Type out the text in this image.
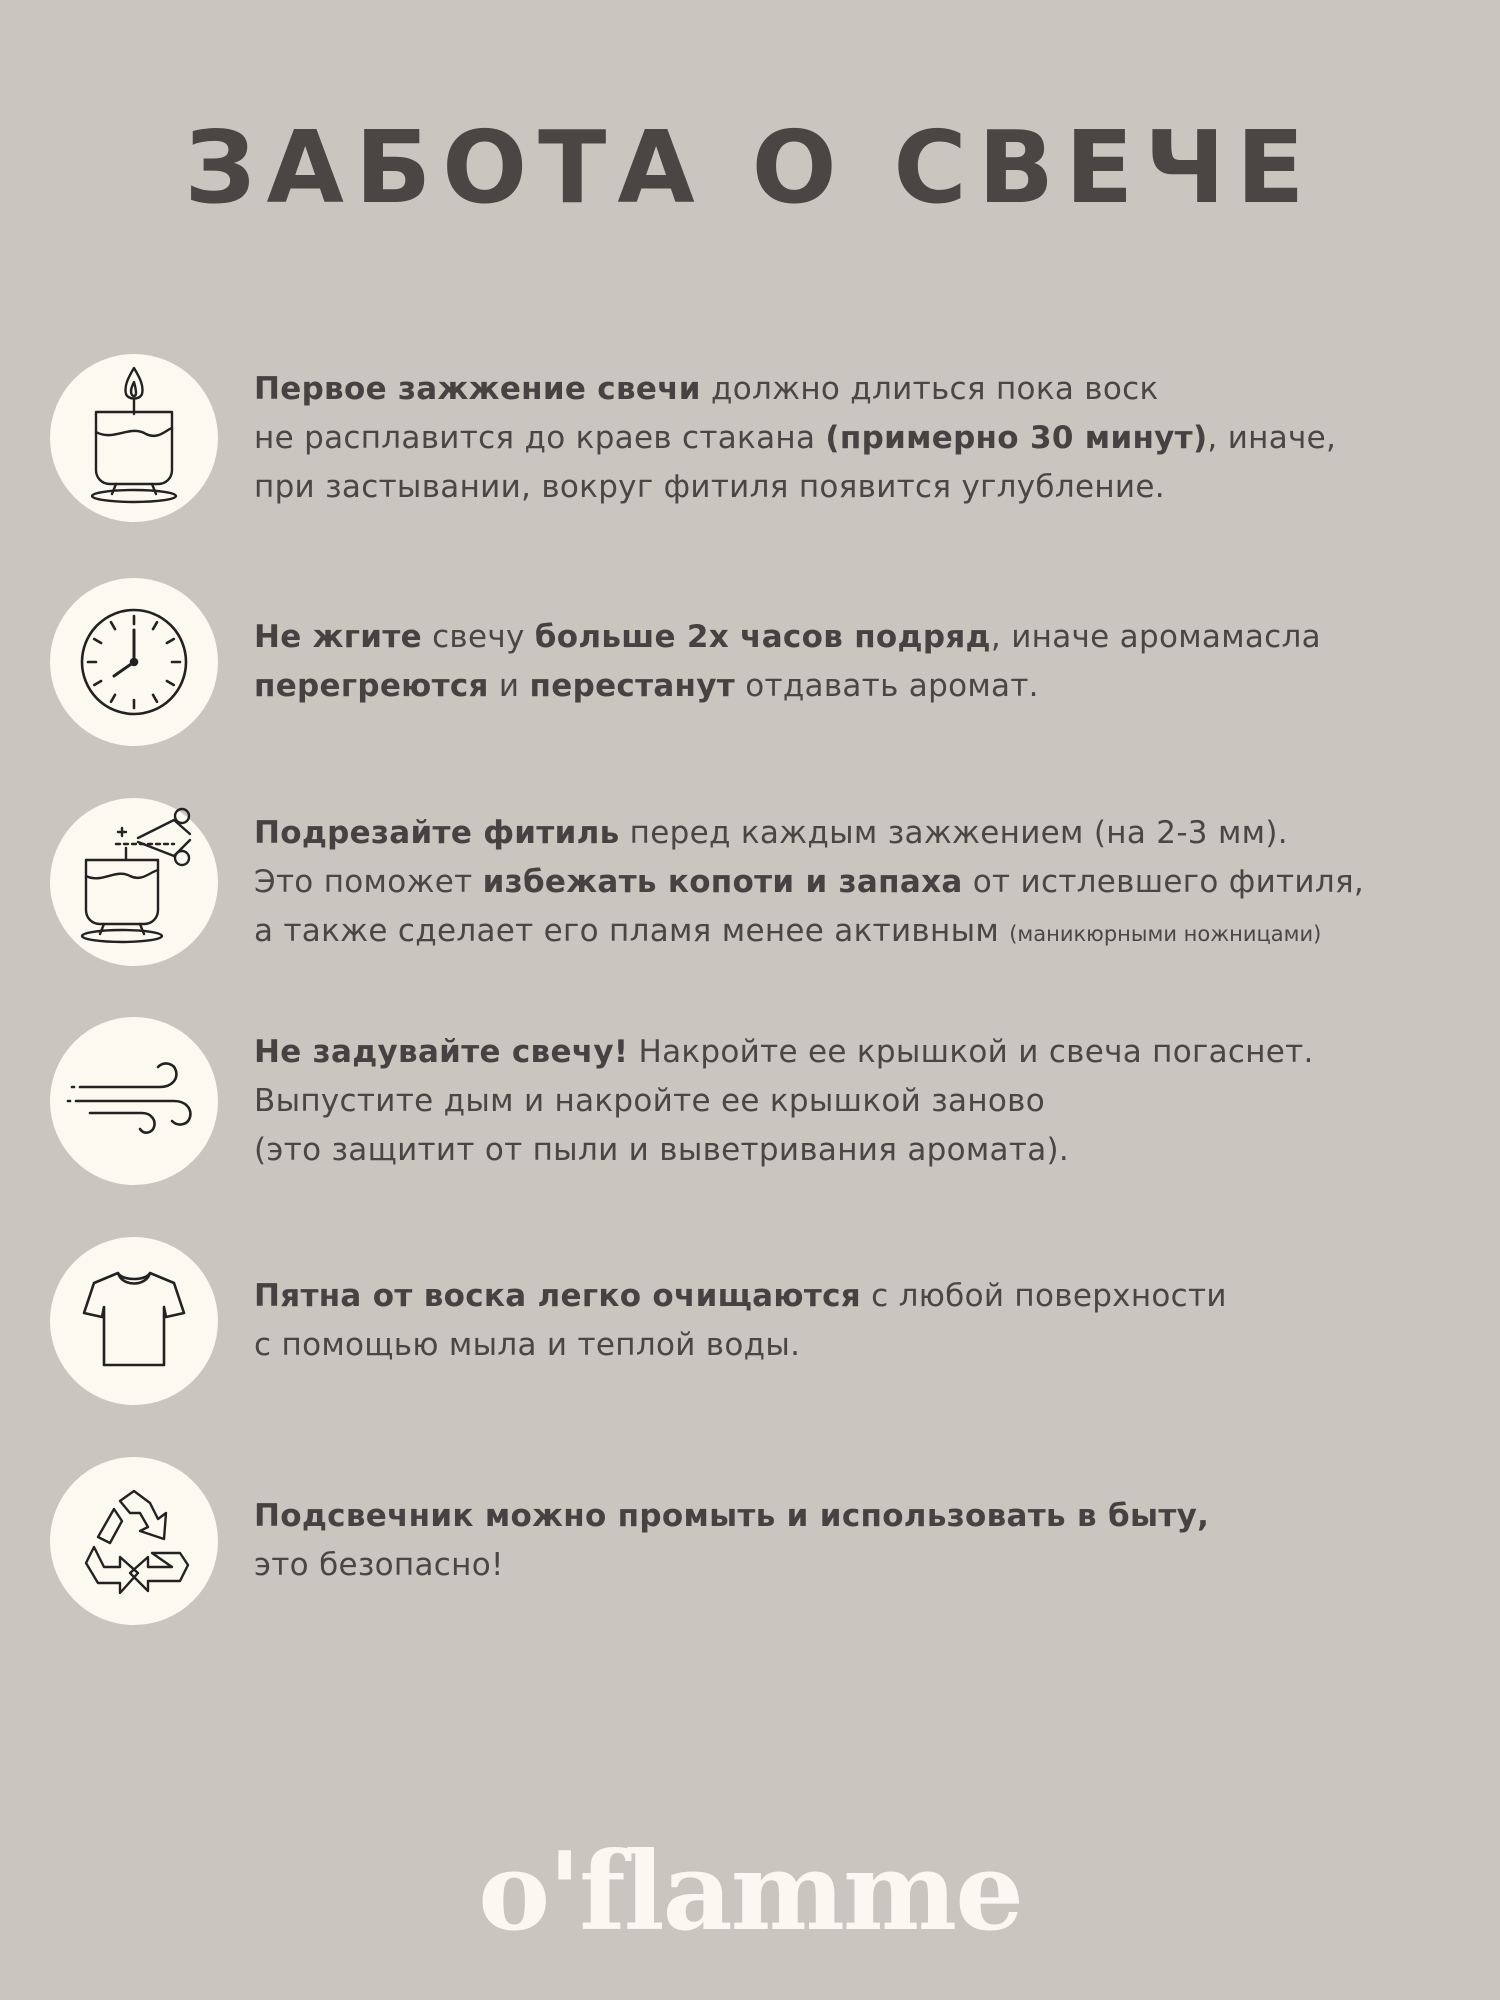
ЗАБОТА О СВЕЧЕ
Первое зажжение свечи должно длиться пока воск
не расплавится до краев стакана (примерно 30 минут), иначе,
при застывании, вокруг фитиля появится углубление.
Не жгите свечу больше 2х часов подряд, иначе аромамасла
перегреются и перестанут отдавать аромат.
Подрезайте фитиль перед каждым зажжением (на 2-3 мм).
Это поможет избежать копоти и запаха от истлевшего фитиля,
а также сделает его пламя менее активным (маникюрными ножницами)
Не задувайте свечу! Накройте ее крышкой и свеча погаснет.
Выпустите дым и накройте ее крышкой заново
(это защитит от пыли и выветривания аромата).
Пятна от воска легко очищаются с любой поверхности
с помощью мыла и теплой воды.
Подсвечник можно промыть и использовать в быту,
это безопасно!
o'flamme
